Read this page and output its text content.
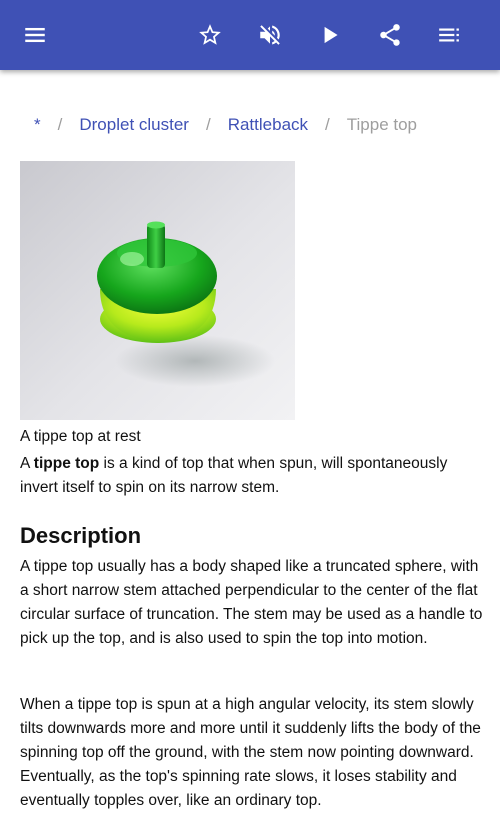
* / Droplet cluster / Rattleback / Tippe top
A tippe top at rest

A tippe top is a kind of top that when spun, will spontaneously invert itself to spin on its narrow stem.

Description

A tippe top usually has a body shaped like a truncated sphere, with a short narrow stem attached perpendicular to the center of the flat circular surface of truncation. The stem may be used as a handle to pick up the top, and is also used to spin the top into motion.

When a tippe top is spun at a high angular velocity, its stem slowly tilts downwards more and more until it suddenly lifts the body of the spinning top off the ground, with the stem now pointing downward. Eventually, as the top's spinning rate slows, it loses stability and eventually topples over, like an ordinary top.
